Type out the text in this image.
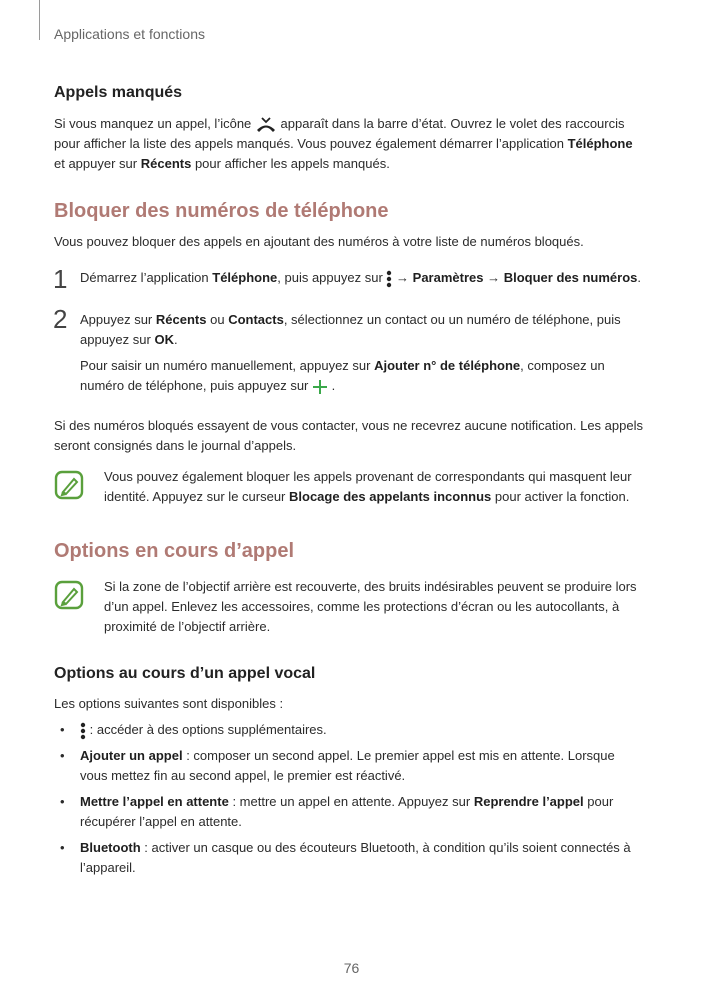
Applications et fonctions
Appels manqués
Si vous manquez un appel, l’icône apparaît dans la barre d’état. Ouvrez le volet des raccourcis
pour afficher la liste des appels manqués. Vous pouvez également démarrer l’application Téléphone
et appuyer sur Récents pour afficher les appels manqués.
Bloquer des numéros de téléphone
Vous pouvez bloquer des appels en ajoutant des numéros à votre liste de numéros bloqués.
1 Démarrez l’application Téléphone, puis appuyez sur → Paramètres → Bloquer des numéros.
2 Appuyez sur Récents ou Contacts, sélectionnez un contact ou un numéro de téléphone, puis
appuyez sur OK.
Pour saisir un numéro manuellement, appuyez sur Ajouter n° de téléphone, composez un
numéro de téléphone, puis appuyez sur .
Si des numéros bloqués essayent de vous contacter, vous ne recevrez aucune notification. Les appels
seront consignés dans le journal d’appels.
Vous pouvez également bloquer les appels provenant de correspondants qui masquent leur
identité. Appuyez sur le curseur Blocage des appelants inconnus pour activer la fonction.
Options en cours d’appel
Si la zone de l’objectif arrière est recouverte, des bruits indésirables peuvent se produire lors
d’un appel. Enlevez les accessoires, comme les protections d’écran ou les autocollants, à
proximité de l’objectif arrière.
Options au cours d’un appel vocal
Les options suivantes sont disponibles :
• : accéder à des options supplémentaires.
• Ajouter un appel : composer un second appel. Le premier appel est mis en attente. Lorsque
vous mettez fin au second appel, le premier est réactivé.
• Mettre l’appel en attente : mettre un appel en attente. Appuyez sur Reprendre l’appel pour
récupérer l’appel en attente.
• Bluetooth : activer un casque ou des écouteurs Bluetooth, à condition qu’ils soient connectés à
l’appareil.
76
